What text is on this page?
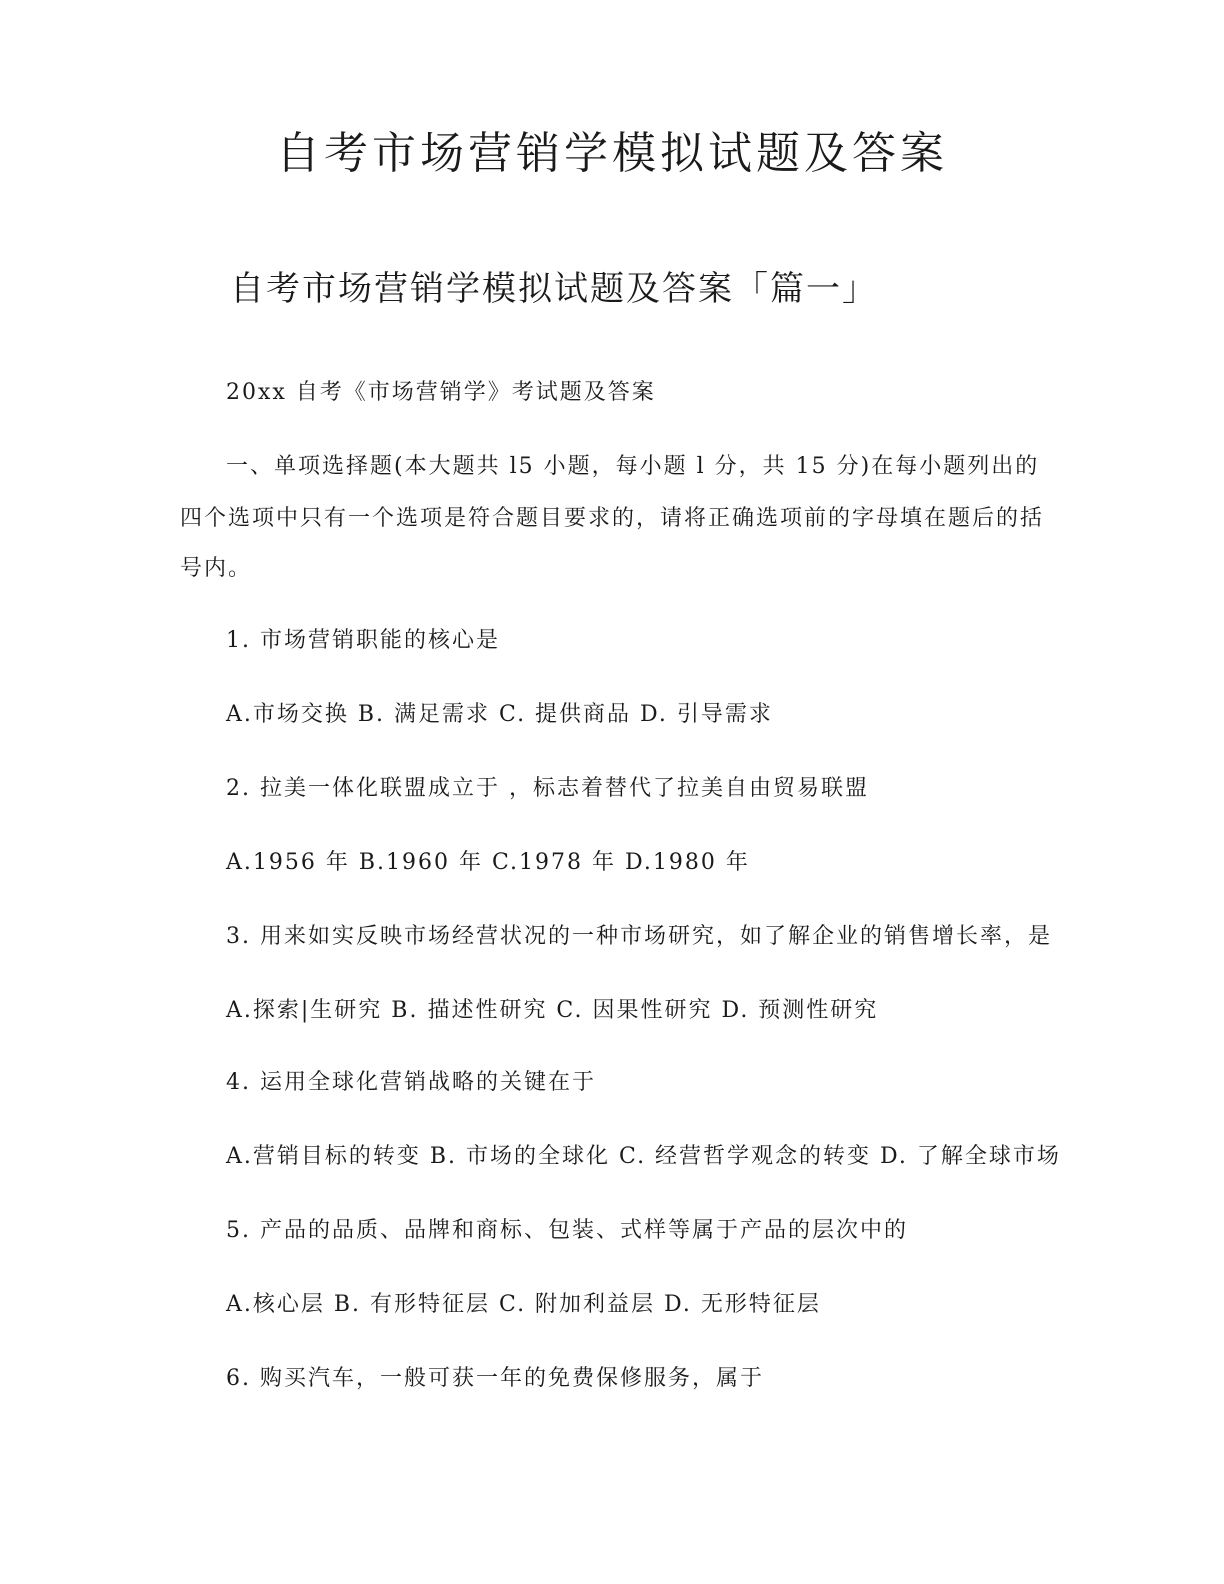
自考市场营销学模拟试题及答案
自考市场营销学模拟试题及答案「篇一」

20xx 自考《市场营销学》考试题及答案

一、单项选择题(本大题共 l5 小题，每小题 l 分，共 15 分)在每小题列出的

四个选项中只有一个选项是符合题目要求的，请将正确选项前的字母填在题后的括

号内。

1. 市场营销职能的核心是

A.市场交换 B. 满足需求 C. 提供商品 D. 引导需求

2. 拉美一体化联盟成立于 ，标志着替代了拉美自由贸易联盟

A.1956 年 B.1960 年 C.1978 年 D.1980 年

3. 用来如实反映市场经营状况的一种市场研究，如了解企业的销售增长率，是

A.探索|生研究 B. 描述性研究 C. 因果性研究 D. 预测性研究

4. 运用全球化营销战略的关键在于

A.营销目标的转变 B. 市场的全球化 C. 经营哲学观念的转变 D. 了解全球市场

5. 产品的品质、品牌和商标、包装、式样等属于产品的层次中的

A.核心层 B. 有形特征层 C. 附加利益层 D. 无形特征层

6. 购买汽车，一般可获一年的免费保修服务，属于
